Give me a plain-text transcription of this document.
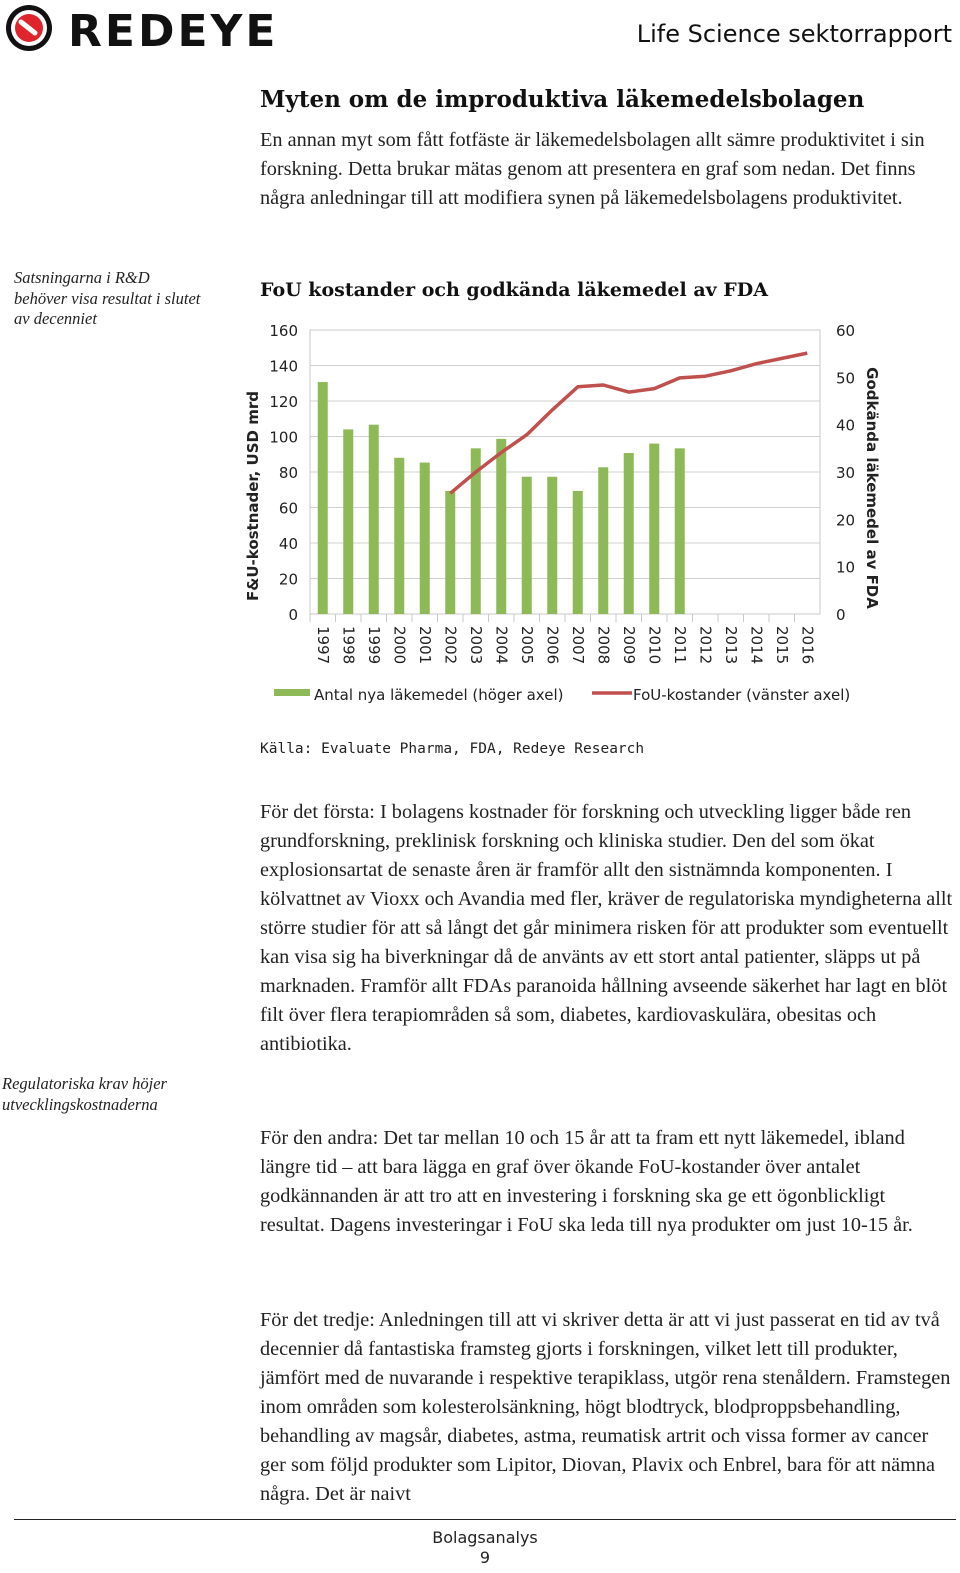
REDEYE	Life Science sektorrapport
Myten om de improduktiva läkemedelsbolagen

En annan myt som fått fotfäste är läkemedelsbolagen allt sämre produktivitet i sin forskning. Detta brukar mätas genom att presentera en graf som nedan. Det finns några anledningar till att modifiera synen på läkemedelsbolagens produktivitet.

Satsningarna i R&D behöver visa resultat i slutet av decenniet

Regulatoriska krav höjer utvecklingskostnaderna

FoU kostander och godkända läkemedel av FDA
0
20
40
60
80
100
120
140
160
0
10
20
30
40
50
60
1997 1998 1999 2000 2001 2002 2003 2004 2005 2006 2007 2008 2009 2010 2011 2012 2013 2014 2015 2016
F&U-kostnader, USD mrd	Godkända läkemedel av FDA
Antal nya läkemedel (höger axel)	FoU-kostander (vänster axel)
Källa: Evaluate Pharma, FDA, Redeye Research

För det första: I bolagens kostnader för forskning och utveckling ligger både ren grundforskning, preklinisk forskning och kliniska studier. Den del som ökat explosionsartat de senaste åren är framför allt den sistnämnda komponenten. I kölvattnet av Vioxx och Avandia med fler, kräver de regulatoriska myndigheterna allt större studier för att så långt det går minimera risken för att produkter som eventuellt kan visa sig ha biverkningar då de använts av ett stort antal patienter, släpps ut på marknaden. Framför allt FDAs paranoida hållning avseende säkerhet har lagt en blöt filt över flera terapiområden så som, diabetes, kardiovaskulära, obesitas och antibiotika.

För den andra: Det tar mellan 10 och 15 år att ta fram ett nytt läkemedel, ibland längre tid – att bara lägga en graf över ökande FoU-kostander över antalet godkännanden är att tro att en investering i forskning ska ge ett ögonblickligt resultat. Dagens investeringar i FoU ska leda till nya produkter om just 10-15 år.

För det tredje: Anledningen till att vi skriver detta är att vi just passerat en tid av två decennier då fantastiska framsteg gjorts i forskningen, vilket lett till produkter, jämfört med de nuvarande i respektive terapiklass, utgör rena stenåldern. Framstegen inom områden som kolesterolsänkning, högt blodtryck, blodproppsbehandling, behandling av magsår, diabetes, astma, reumatisk artrit och vissa former av cancer ger som följd produkter som Lipitor, Diovan, Plavix och Enbrel, bara för att nämna några. Det är naivt

Bolagsanalys
9
